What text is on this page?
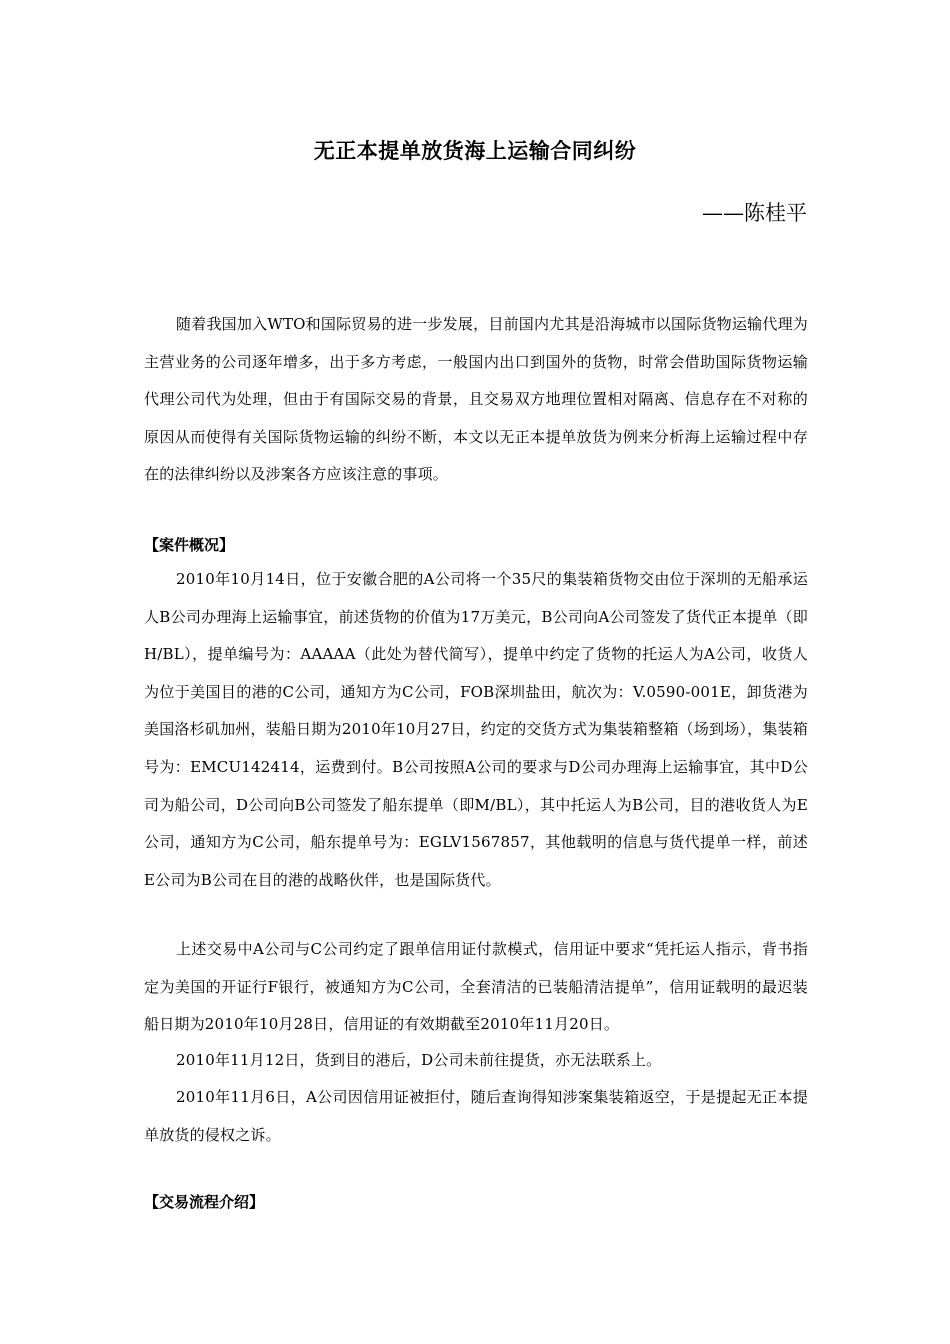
无正本提单放货海上运输合同纠纷
——陈桂平

随着我国加入WTO和国际贸易的进一步发展，目前国内尤其是沿海城市以国际货物运输代理为主营业务的公司逐年增多，出于多方考虑，一般国内出口到国外的货物，时常会借助国际货物运输代理公司代为处理，但由于有国际交易的背景，且交易双方地理位置相对隔离、信息存在不对称的原因从而使得有关国际货物运输的纠纷不断，本文以无正本提单放货为例来分析海上运输过程中存在的法律纠纷以及涉案各方应该注意的事项。

【案件概况】

2010年10月14日，位于安徽合肥的A公司将一个35尺的集装箱货物交由位于深圳的无船承运人B公司办理海上运输事宜，前述货物的价值为17万美元，B公司向A公司签发了货代正本提单（即H/BL），提单编号为：AAAAA（此处为替代简写），提单中约定了货物的托运人为A公司，收货人为位于美国目的港的C公司，通知方为C公司，FOB深圳盐田，航次为：V.0590-001E，卸货港为美国洛杉矶加州，装船日期为2010年10月27日，约定的交货方式为集装箱整箱（场到场），集装箱号为：EMCU142414，运费到付。B公司按照A公司的要求与D公司办理海上运输事宜，其中D公司为船公司，D公司向B公司签发了船东提单（即M/BL），其中托运人为B公司，目的港收货人为E公司，通知方为C公司，船东提单号为：EGLV1567857，其他载明的信息与货代提单一样，前述E公司为B公司在目的港的战略伙伴，也是国际货代。

上述交易中A公司与C公司约定了跟单信用证付款模式，信用证中要求“凭托运人指示，背书指定为美国的开证行F银行，被通知方为C公司，全套清洁的已装船清洁提单”，信用证载明的最迟装船日期为2010年10月28日，信用证的有效期截至2010年11月20日。

2010年11月12日，货到目的港后，D公司未前往提货，亦无法联系上。

2010年11月6日，A公司因信用证被拒付，随后查询得知涉案集装箱返空，于是提起无正本提单放货的侵权之诉。

【交易流程介绍】
